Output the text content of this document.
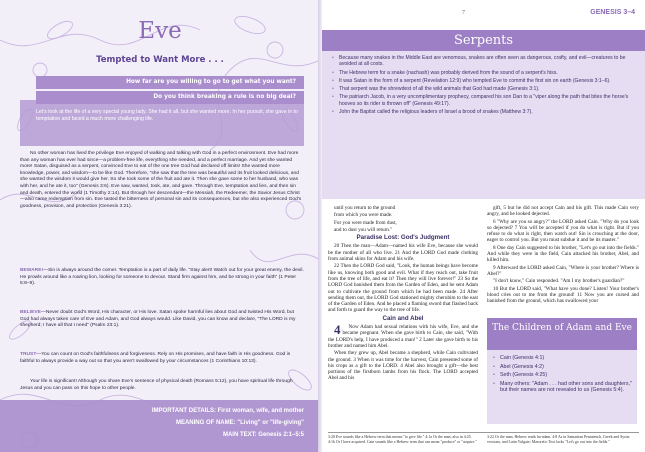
Eve
Tempted to Want More . . .
How far are you willing to go to get what you want?
Do you think breaking a rule is no big deal?
Let's look at the life of a very special young lady. She had it all, but she wanted more. In her pursuit, she gave in to temptation and faced a much more challenging life.
No other woman has lived the privilege Eve enjoyed of walking and talking with God in a perfect environment. Eve had more than any woman has ever had since—a problem-free life, everything she needed, and a perfect marriage. And yet she wanted more! Satan, disguised as a serpent, convinced Eve to eat of the one tree God had declared off limits! She wanted more knowledge, power, and wisdom—to be like God. Therefore, "she saw that the tree was beautiful and its fruit looked delicious, and she wanted the wisdom it would give her. So she took some of the fruit and ate it. Then she gave some to her husband, who was with her, and he ate it, too" (Genesis 3:6). Eve saw, wanted, took, ate, and gave. Through Eve, temptation and lies, and then sin and death, entered the world (1 Timothy 2:14). But through her descendant—the Messiah, the Redeemer, the Savior Jesus Christ—also came redemption from sin. Eve tasted the bitterness of personal sin and its consequences, but she also experienced God's goodness, provision, and protection (Genesis 3:21).
BEWARE!—Sin is always around the corner. Temptation is a part of daily life. "Stay alert! Watch out for your great enemy, the devil. He prowls around like a roaring lion, looking for someone to devour. Stand firm against him, and be strong in your faith" (1 Peter 5:8–9).
BELIEVE—Never doubt God's Word, His character, or His love. Satan spoke harmful lies about God and twisted His Word, but God had always taken care of Eve and Adam, and God always would. Like David, you can know and declare, "The LORD is my shepherd; I have all that I need" (Psalm 23:1).
TRUST—You can count on God's faithfulness and forgiveness. Rely on His promises, and have faith in His goodness. God is faithful to always provide a way out so that you aren't swallowed by your circumstances (1 Corinthians 10:13).
Your life is significant! Although you share Eve's sentence of physical death (Romans 5:12), you have spiritual life through Jesus and you can pass on this hope to other people.
IMPORTANT DETAILS: First woman, wife, and mother
MEANING OF NAME: "Living" or "life-giving"
MAIN TEXT: Genesis 2:1–5:5
7	GENESIS 3–4
Serpents
• Because many snakes in the Middle East are venomous, snakes are often seen as dangerous, crafty, and evil—creatures to be avoided at all costs.
• The Hebrew term for a snake (nachash) was probably derived from the sound of a serpent's hiss.
• It was Satan in the form of a serpent (Revelation 12:9) who tempted Eve to commit the first sin on earth (Genesis 3:1–6).
• That serpent was the shrewdest of all the wild animals that God had made (Genesis 3:1).
• The patriarch Jacob, in a very uncomplimentary prophecy, compared his son Dan to a "viper along the path that bites the horse's hooves so its rider is thrown off" (Genesis 49:17).
• John the Baptist called the religious leaders of Israel a brood of snakes (Matthew 3:7).

until you return to the ground

from which you were made.

For you were made from dust,

and to dust you will return."

Paradise Lost: God's Judgment

20 Then the man—Adam—named his wife Eve, because she would be the mother of all who live. 21 And the LORD God made clothing from animal skins for Adam and his wife.

22 Then the LORD God said, "Look, the human beings have become like us, knowing both good and evil. What if they reach out, take fruit from the tree of life, and eat it? Then they will live forever!" 23 So the LORD God banished them from the Garden of Eden, and he sent Adam out to cultivate the ground from which he had been made. 24 After sending them out, the LORD God stationed mighty cherubim to the east of the Garden of Eden. And he placed a flaming sword that flashed back and forth to guard the way to the tree of life.

Cain and Abel

4 Now Adam had sexual relations with his wife, Eve, and she became pregnant. When she gave birth to Cain, she said, "With the LORD's help, I have produced a man!" 2 Later she gave birth to his brother and named him Abel.

When they grew up, Abel became a shepherd, while Cain cultivated the ground. 3 When it was time for the harvest, Cain presented some of his crops as a gift to the LORD. 4 Abel also brought a gift—the best portions of the firstborn lambs from his flock. The LORD accepted Abel and his

gift, 5 but he did not accept Cain and his gift. This made Cain very angry, and he looked dejected.

6 "Why are you so angry?" the LORD asked Cain. "Why do you look so dejected? 7 You will be accepted if you do what is right. But if you refuse to do what is right, then watch out! Sin is crouching at the door, eager to control you. But you must subdue it and be its master."

8 One day Cain suggested to his brother, "Let's go out into the fields." And while they were in the field, Cain attacked his brother, Abel, and killed him.

9 Afterward the LORD asked Cain, "Where is your brother? Where is Abel?"

"I don't know," Cain responded. "Am I my brother's guardian?"

10 But the LORD said, "What have you done? Listen! Your brother's blood cries out to me from the ground! 11 Now you are cursed and banished from the ground, which has swallowed your

The Children of Adam and Eve
• Cain (Genesis 4:1)
• Abel (Genesis 4:2)
• Seth (Genesis 4:25)
• Many others: "Adam . . . had other sons and daughters," but their names are not revealed to us (Genesis 5:4).
3:20 Eve sounds like a Hebrew term that means "to give life." 4:1a Or the man; also in 4:25. 4:1b Or I have acquired. Cain sounds like a Hebrew term that can mean "produce" or "acquire."
3:22 Or the man; Hebrew reads ha-adam. 4:8 As in Samaritan Pentateuch, Greek and Syriac versions, and Latin Vulgate; Masoretic Text lacks "Let's go out into the fields."
